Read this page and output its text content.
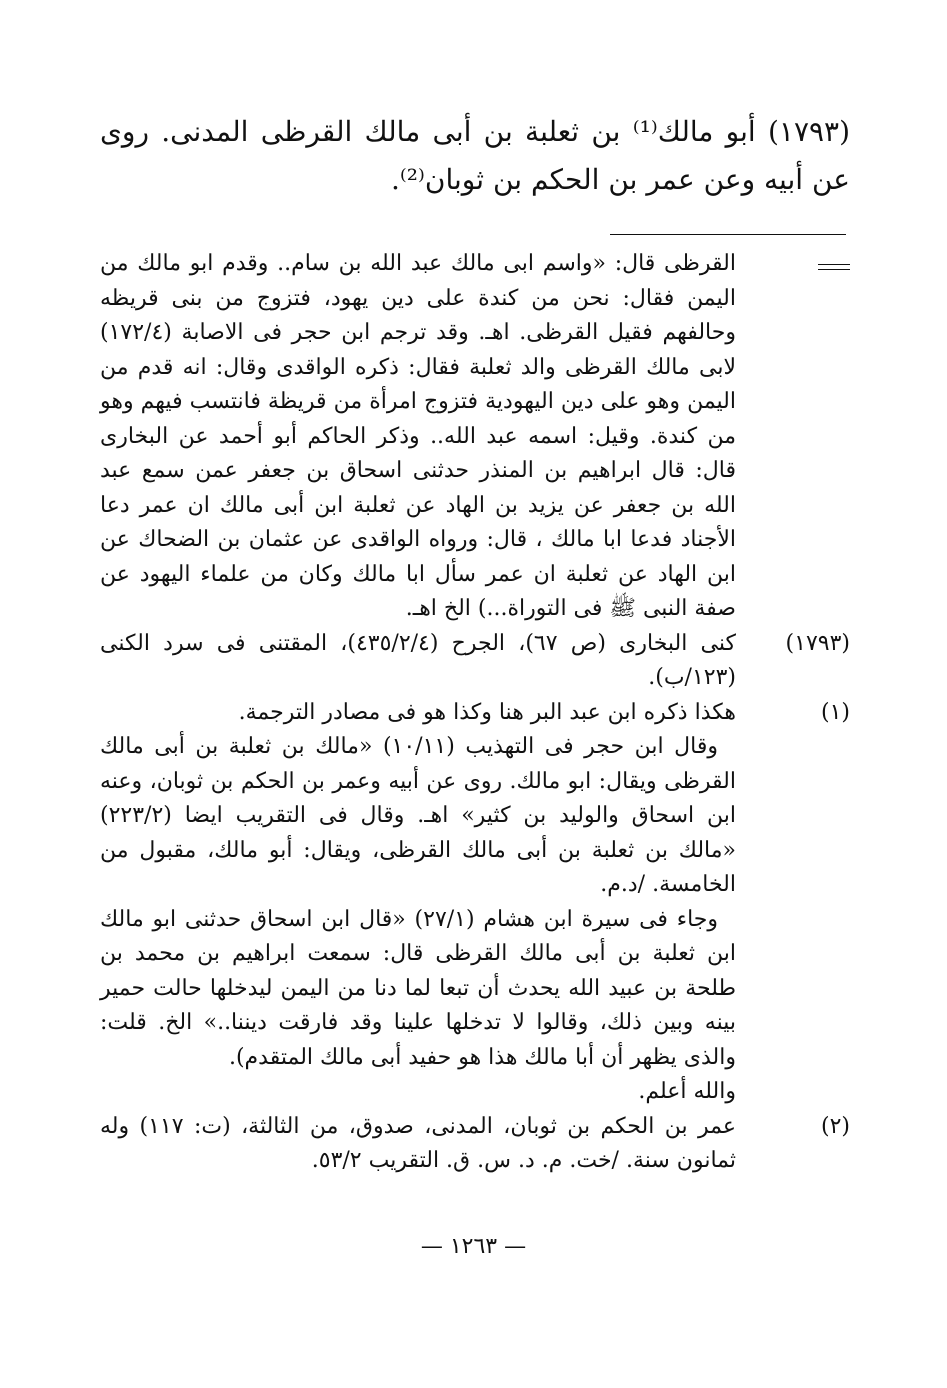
(١٧٩٣) أبو مالك⁽¹⁾ بن ثعلبة بن أبى مالك القرظى المدنى. روى عن أبيه وعن عمر بن الحكم بن ثوبان⁽²⁾.

القرظى قال: «واسم ابى مالك عبد الله بن سام.. وقدم ابو مالك من اليمن فقال: نحن من كندة على دين يهود، فتزوج من بنى قريظه وحالفهم فقيل القرظى. اهـ. وقد ترجم ابن حجر فى الاصابة (١٧٢/٤) لابى مالك القرظى والد ثعلبة فقال: ذكره الواقدى وقال: انه قدم من اليمن وهو على دين اليهودية فتزوج امرأة من قريظة فانتسب فيهم وهو من كندة. وقيل: اسمه عبد الله.. وذكر الحاكم أبو أحمد عن البخارى قال: قال ابراهيم بن المنذر حدثنى اسحاق بن جعفر عمن سمع عبد الله بن جعفر عن يزيد بن الهاد عن ثعلبة ابن أبى مالك ان عمر دعا الأجناد فدعا ابا مالك ، قال: ورواه الواقدى عن عثمان بن الضحاك عن ابن الهاد عن ثعلبة ان عمر سأل ابا مالك وكان من علماء اليهود عن صفة النبى ﷺ فى التوراة...) الخ اهـ.

(١٧٩٣)

كنى البخارى (ص ٦٧)، الجرح (٤٣٥/٢/٤)، المقتنى فى سرد الكنى (١٢٣/ب).

(١)

هكذا ذكره ابن عبد البر هنا وكذا هو فى مصادر الترجمة.

وقال ابن حجر فى التهذيب (١٠/١١) «مالك بن ثعلبة بن أبى مالك القرظى ويقال: ابو مالك. روى عن أبيه وعمر بن الحكم بن ثوبان، وعنه ابن اسحاق والوليد بن كثير» اهـ. وقال فى التقريب ايضا (٢٢٣/٢) «مالك بن ثعلبة بن أبى مالك القرظى، ويقال: أبو مالك، مقبول من الخامسة. /د.م.

وجاء فى سيرة ابن هشام (٢٧/١) «قال ابن اسحاق حدثنى ابو مالك ابن ثعلبة بن أبى مالك القرظى قال: سمعت ابراهيم بن محمد بن طلحة بن عبيد الله يحدث أن تبعا لما دنا من اليمن ليدخلها حالت حمير بينه وبين ذلك، وقالوا لا تدخلها علينا وقد فارقت ديننا..» الخ. قلت: والذى يظهر أن أبا مالك هذا هو حفيد أبى مالك المتقدم).

والله أعلم.

(٢)

عمر بن الحكم بن ثوبان، المدنى، صدوق، من الثالثة، (ت: ١١٧) وله ثمانون سنة. /خت. م. د. س. ق. التقريب ٥٣/٢.

— ١٢٦٣ —
